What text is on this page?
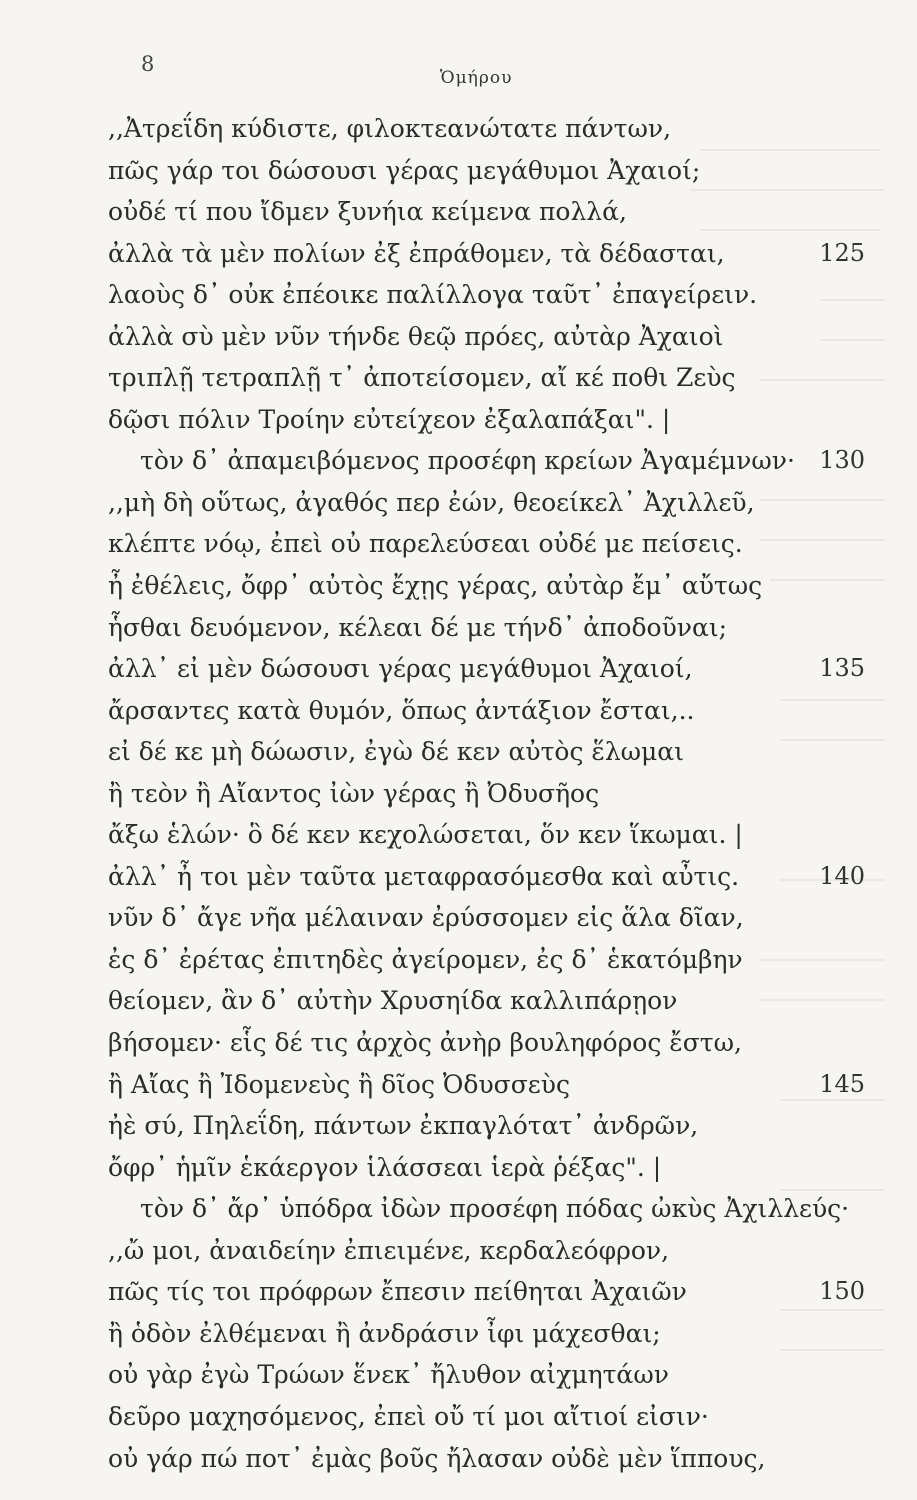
8
Ὁμήρου
,,Ἀτρεΐδη κύδιστε, φιλοκτεανώτατε πάντων,
πῶς γάρ τοι δώσουσι γέρας μεγάθυμοι Ἀχαιοί;
οὐδέ τί που ἴδμεν ξυνήια κείμενα πολλά,
ἀλλὰ τὰ μὲν πολίων ἐξ ἐπράθομεν, τὰ δέδασται,	125
λαοὺς δ᾽ οὐκ ἐπέοικε παλίλλογα ταῦτ᾽ ἐπαγείρειν.
ἀλλὰ σὺ μὲν νῦν τήνδε θεῷ πρόες, αὐτὰρ Ἀχαιοὶ
τριπλῇ τετραπλῇ τ᾽ ἀποτείσομεν, αἴ κέ ποθι Ζεὺς
δῷσι πόλιν Τροίην εὐτείχεον ἐξαλαπάξαι". |
τὸν δ᾽ ἀπαμειβόμενος προσέφη κρείων Ἀγαμέμνων· 130
,,μὴ δὴ οὕτως, ἀγαθός περ ἐών, θεοείκελ᾽ Ἀχιλλεῦ,
κλέπτε νόῳ, ἐπεὶ οὐ παρελεύσεαι οὐδέ με πείσεις.
ἦ ἐθέλεις, ὄφρ᾽ αὐτὸς ἔχῃς γέρας, αὐτὰρ ἔμ᾽ αὔτως
ἧσθαι δευόμενον, κέλεαι δέ με τήνδ᾽ ἀποδοῦναι;
ἀλλ᾽ εἰ μὲν δώσουσι γέρας μεγάθυμοι Ἀχαιοί,	135
ἄρσαντες κατὰ θυμόν, ὅπως ἀντάξιον ἔσται,..
εἰ δέ κε μὴ δώωσιν, ἐγὼ δέ κεν αὐτὸς ἕλωμαι
ἢ τεὸν ἢ Αἴαντος ἰὼν γέρας ἢ Ὀδυσῆος
ἄξω ἑλών· ὃ δέ κεν κεχολώσεται, ὅν κεν ἵκωμαι. |
ἀλλ᾽ ἦ τοι μὲν ταῦτα μεταφρασόμεσθα καὶ αὖτις.	140
νῦν δ᾽ ἄγε νῆα μέλαιναν ἐρύσσομεν εἰς ἅλα δῖαν,
ἐς δ᾽ ἐρέτας ἐπιτηδὲς ἀγείρομεν, ἐς δ᾽ ἑκατόμβην
θείομεν, ἂν δ᾽ αὐτὴν Χρυσηίδα καλλιπάρῃον
βήσομεν· εἷς δέ τις ἀρχὸς ἀνὴρ βουληφόρος ἔστω,
ἢ Αἴας ἢ Ἰδομενεὺς ἢ δῖος Ὀδυσσεὺς	145
ἠὲ σύ, Πηλεΐδη, πάντων ἐκπαγλότατ᾽ ἀνδρῶν,
ὄφρ᾽ ἡμῖν ἑκάεργον ἱλάσσεαι ἱερὰ ῥέξας". |
τὸν δ᾽ ἄρ᾽ ὑπόδρα ἰδὼν προσέφη πόδας ὠκὺς Ἀχιλλεύς·
,,ὤ μοι, ἀναιδείην ἐπιειμένε, κερδαλεόφρον,
πῶς τίς τοι πρόφρων ἔπεσιν πείθηται Ἀχαιῶν	150
ἢ ὁδὸν ἐλθέμεναι ἢ ἀνδράσιν ἶφι μάχεσθαι;
οὐ γὰρ ἐγὼ Τρώων ἕνεκ᾽ ἤλυθον αἰχμητάων
δεῦρο μαχησόμενος, ἐπεὶ οὔ τί μοι αἴτιοί εἰσιν·
οὐ γάρ πώ ποτ᾽ ἐμὰς βοῦς ἤλασαν οὐδὲ μὲν ἵππους,
